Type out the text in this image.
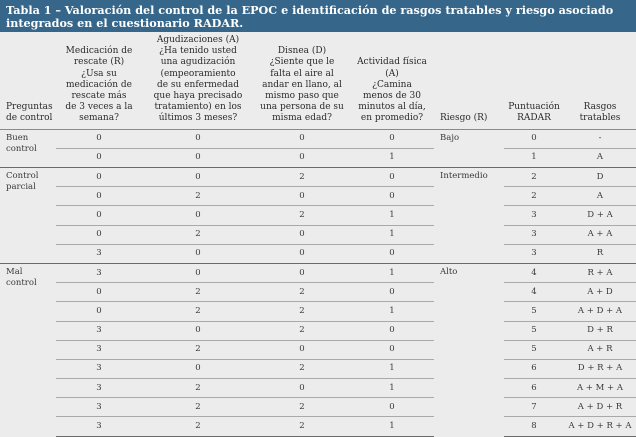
Tabla 1 – Valoración del control de la EPOC e identificación de rasgos tratables y riesgo asociado integrados en el cuestionario RADAR.
Preguntas
de control	Medicación de
rescate (R)
¿Usa su
medicación de
rescate más
de 3 veces a la
semana?	Agudizaciones (A)
¿Ha tenido usted
una agudización
(empeoramiento
de su enfermedad
que haya precisado
tratamiento) en los
últimos 3 meses?	Disnea (D)
¿Siente que le
falta el aire al
andar en llano, al
mismo paso que
una persona de su
misma edad?	Actividad física
(A)
¿Camina
menos de 30
minutos al día,
en promedio?	Riesgo (R)	Puntuación
RADAR	Rasgos
tratables
Buen control	0	0	0	0	Bajo	0	-
	0	0	0	1		1	A
Control parcial	0	0	2	0	Intermedio	2	D
	0	2	0	0		2	A
	0	0	2	1		3	D + A
	0	2	0	1		3	A + A
	3	0	0	0		3	R
Mal control	3	0	0	1	Alto	4	R + A
	0	2	2	0		4	A + D
	0	2	2	1		5	A + D + A
	3	0	2	0		5	D + R
	3	2	0	0		5	A + R
	3	0	2	1		6	D + R + A
	3	2	0	1		6	A + M + A
	3	2	2	0		7	A + D + R
	3	2	2	1		8	A + D + R + A
